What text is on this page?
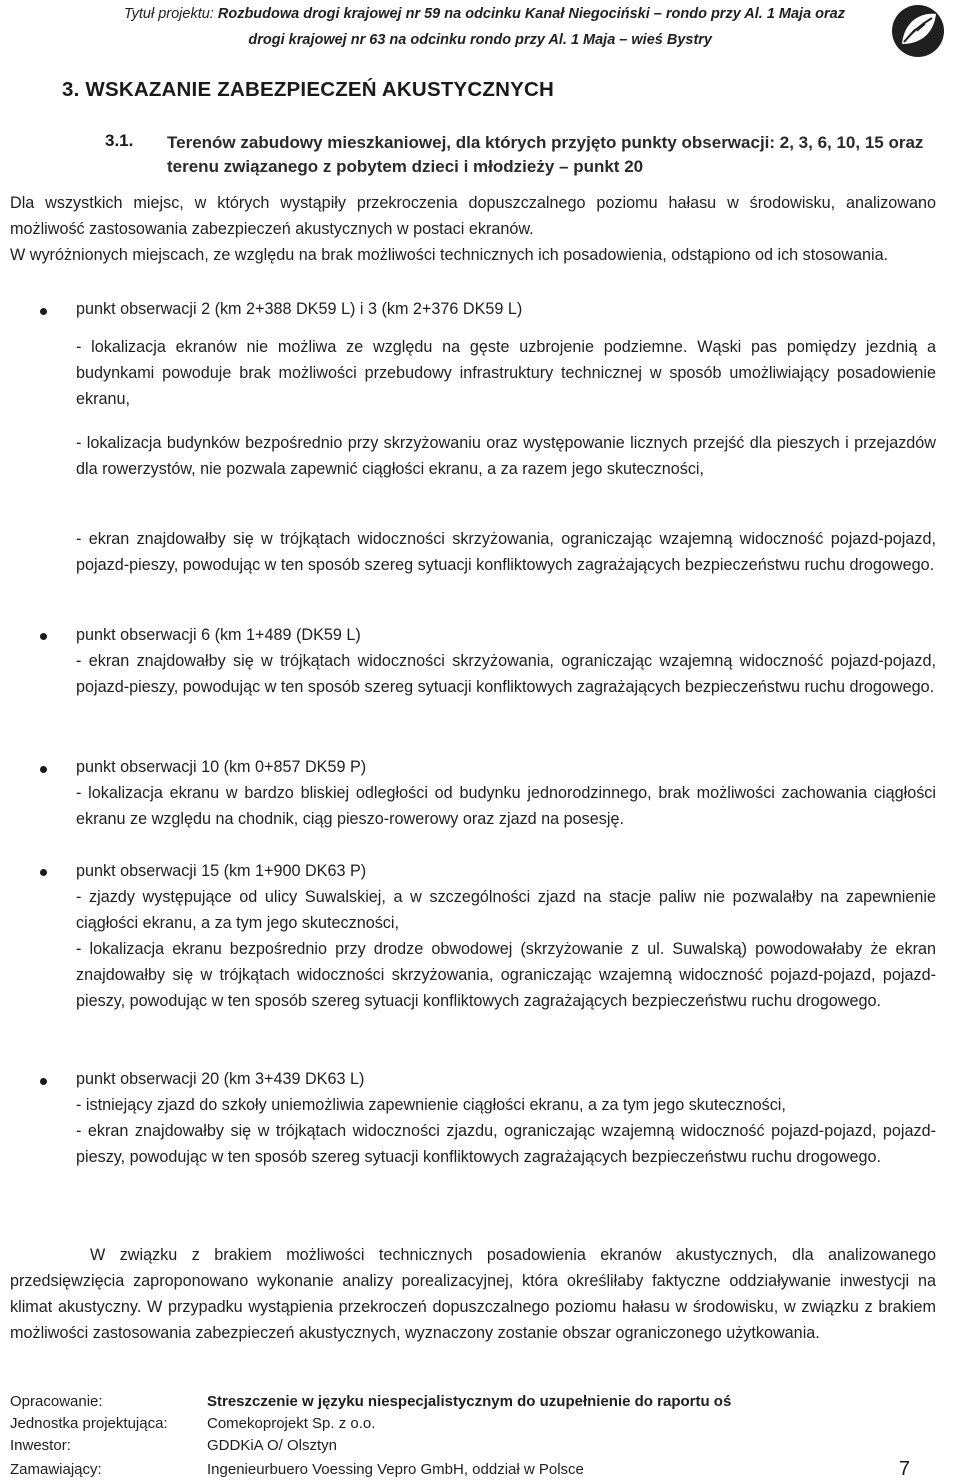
Tytuł projektu: Rozbudowa drogi krajowej nr 59 na odcinku Kanał Niegociński – rondo przy Al. 1 Maja oraz
drogi krajowej nr 63 na odcinku rondo przy Al. 1 Maja – wieś Bystry
3. WSKAZANIE ZABEZPIECZEŃ AKUSTYCZNYCH
3.1. Terenów zabudowy mieszkaniowej, dla których przyjęto punkty obserwacji: 2, 3, 6, 10, 15 oraz terenu związanego z pobytem dzieci i młodzieży – punkt 20
Dla wszystkich miejsc, w których wystąpiły przekroczenia dopuszczalnego poziomu hałasu w środowisku, analizowano możliwość zastosowania zabezpieczeń akustycznych w postaci ekranów.
W wyróżnionych miejscach, ze względu na brak możliwości technicznych ich posadowienia, odstąpiono od ich stosowania.
punkt obserwacji 2 (km 2+388 DK59 L) i 3 (km 2+376 DK59 L)
- lokalizacja ekranów nie możliwa ze względu na gęste uzbrojenie podziemne. Wąski pas pomiędzy jezdnią a budynkami powoduje brak możliwości przebudowy infrastruktury technicznej w sposób umożliwiający posadowienie ekranu,
- lokalizacja budynków bezpośrednio przy skrzyżowaniu oraz występowanie licznych przejść dla pieszych i przejazdów dla rowerzystów, nie pozwala zapewnić ciągłości ekranu, a za razem jego skuteczności,
- ekran znajdowałby się w trójkątach widoczności skrzyżowania, ograniczając wzajemną widoczność pojazd-pojazd, pojazd-pieszy, powodując w ten sposób szereg sytuacji konfliktowych zagrażających bezpieczeństwu ruchu drogowego.
punkt obserwacji 6 (km 1+489 (DK59 L)
- ekran znajdowałby się w trójkątach widoczności skrzyżowania, ograniczając wzajemną widoczność pojazd-pojazd, pojazd-pieszy, powodując w ten sposób szereg sytuacji konfliktowych zagrażających bezpieczeństwu ruchu drogowego.
punkt obserwacji 10 (km 0+857 DK59 P)
- lokalizacja ekranu w bardzo bliskiej odległości od budynku jednorodzinnego, brak możliwości zachowania ciągłości ekranu ze względu na chodnik, ciąg pieszo-rowerowy oraz zjazd na posesję.
punkt obserwacji 15 (km 1+900 DK63 P)
- zjazdy występujące od ulicy Suwalskiej, a w szczególności zjazd na stacje paliw nie pozwalałby na zapewnienie ciągłości ekranu, a za tym jego skuteczności,
- lokalizacja ekranu bezpośrednio przy drodze obwodowej (skrzyżowanie z ul. Suwalską) powodowałaby że ekran znajdowałby się w trójkątach widoczności skrzyżowania, ograniczając wzajemną widoczność pojazd-pojazd, pojazd-pieszy, powodując w ten sposób szereg sytuacji konfliktowych zagrażających bezpieczeństwu ruchu drogowego.
punkt obserwacji 20 (km 3+439 DK63 L)
- istniejący zjazd do szkoły uniemożliwia zapewnienie ciągłości ekranu, a za tym jego skuteczności,
- ekran znajdowałby się w trójkątach widoczności zjazdu, ograniczając wzajemną widoczność pojazd-pojazd, pojazd-pieszy, powodując w ten sposób szereg sytuacji konfliktowych zagrażających bezpieczeństwu ruchu drogowego.
W związku z brakiem możliwości technicznych posadowienia ekranów akustycznych, dla analizowanego przedsięwzięcia zaproponowano wykonanie analizy porealizacyjnej, która określiłaby faktyczne oddziaływanie inwestycji na klimat akustyczny. W przypadku wystąpienia przekroczeń dopuszczalnego poziomu hałasu w środowisku, w związku z brakiem możliwości zastosowania zabezpieczeń akustycznych, wyznaczony zostanie obszar ograniczonego użytkowania.
Opracowanie:	Streszczenie w języku niespecjalistycznym do uzupełnienie do raportu oś
Jednostka projektująca:	Comekoprojekt Sp. z o.o.
Inwestor:	GDDKiA O/ Olsztyn
Zamawiający:	Ingenieurbuero Voessing Vepro GmbH, oddział w Polsce	7
